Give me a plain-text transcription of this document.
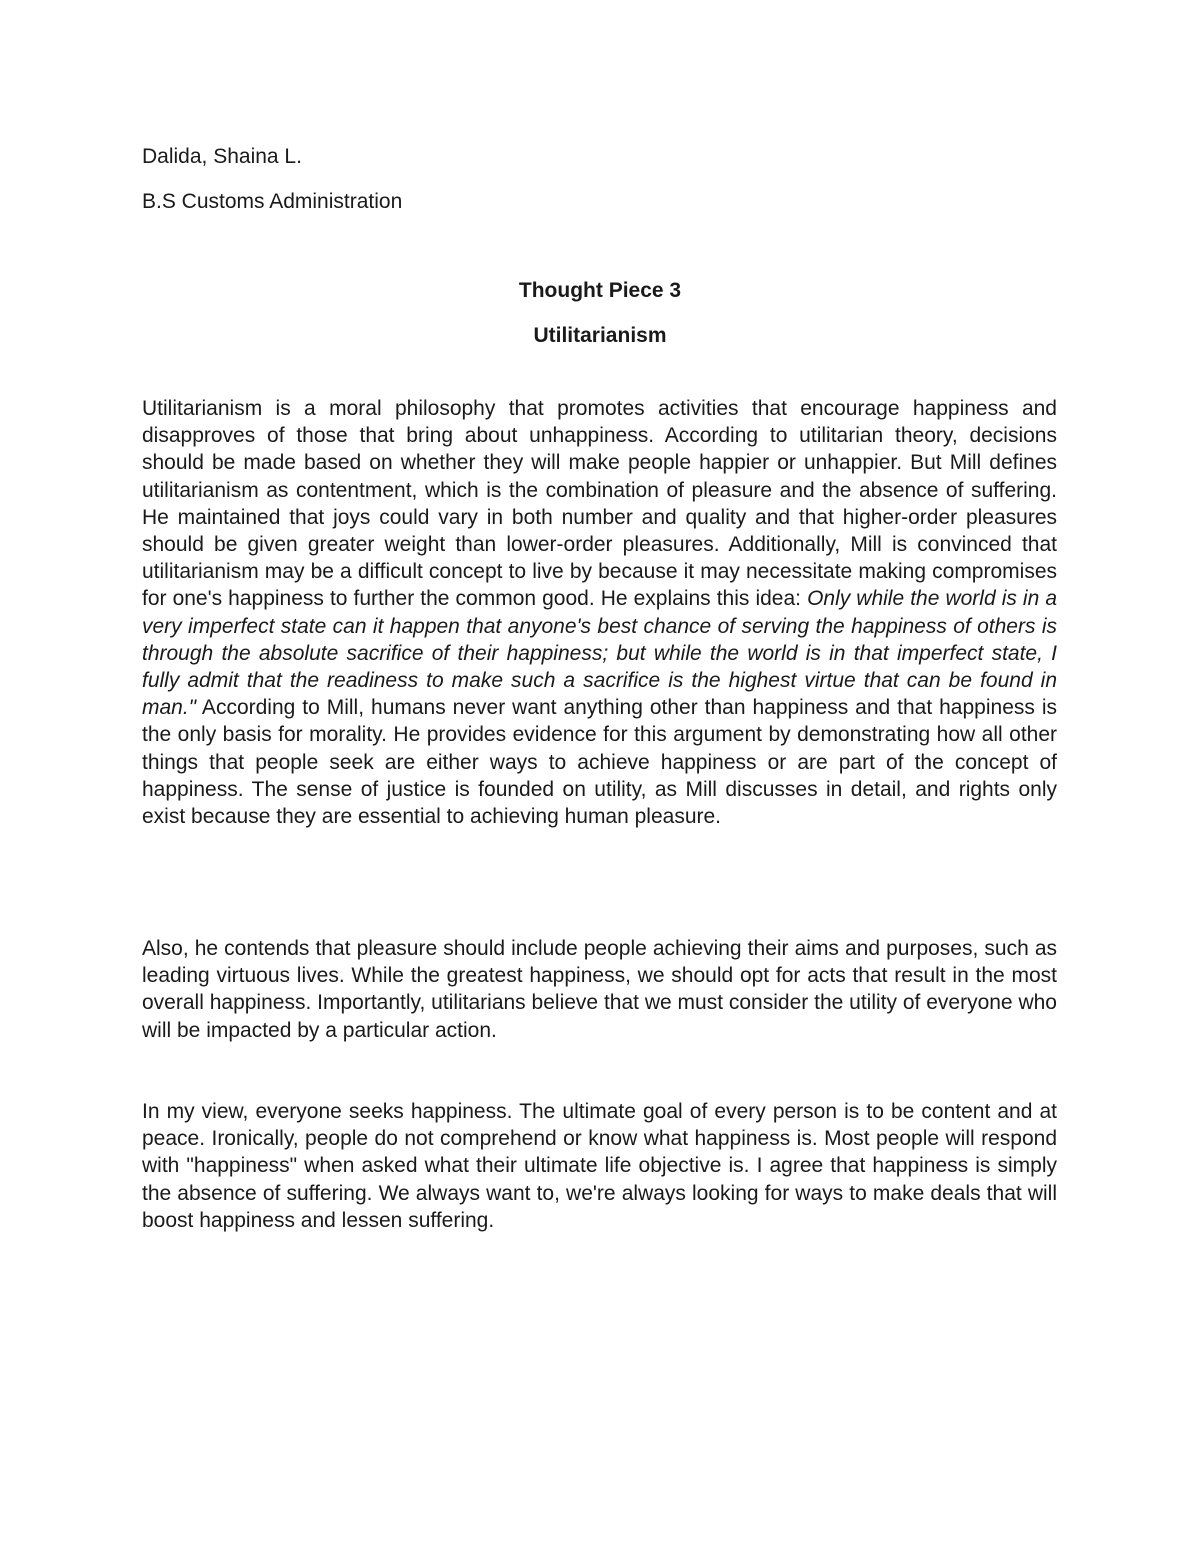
Dalida, Shaina L.

B.S Customs Administration

Thought Piece 3
Utilitarianism

Utilitarianism is a moral philosophy that promotes activities that encourage happiness and disapproves of those that bring about unhappiness. According to utilitarian theory, decisions should be made based on whether they will make people happier or unhappier. But Mill defines utilitarianism as contentment, which is the combination of pleasure and the absence of suffering. He maintained that joys could vary in both number and quality and that higher-order pleasures should be given greater weight than lower-order pleasures. Additionally, Mill is convinced that utilitarianism may be a difficult concept to live by because it may necessitate making compromises for one's happiness to further the common good. He explains this idea: Only while the world is in a very imperfect state can it happen that anyone's best chance of serving the happiness of others is through the absolute sacrifice of their happiness; but while the world is in that imperfect state, I fully admit that the readiness to make such a sacrifice is the highest virtue that can be found in man." According to Mill, humans never want anything other than happiness and that happiness is the only basis for morality. He provides evidence for this argument by demonstrating how all other things that people seek are either ways to achieve happiness or are part of the concept of happiness. The sense of justice is founded on utility, as Mill discusses in detail, and rights only exist because they are essential to achieving human pleasure.

Also, he contends that pleasure should include people achieving their aims and purposes, such as leading virtuous lives. While the greatest happiness, we should opt for acts that result in the most overall happiness. Importantly, utilitarians believe that we must consider the utility of everyone who will be impacted by a particular action.

In my view, everyone seeks happiness. The ultimate goal of every person is to be content and at peace. Ironically, people do not comprehend or know what happiness is. Most people will respond with "happiness" when asked what their ultimate life objective is. I agree that happiness is simply the absence of suffering. We always want to, we're always looking for ways to make deals that will boost happiness and lessen suffering.
